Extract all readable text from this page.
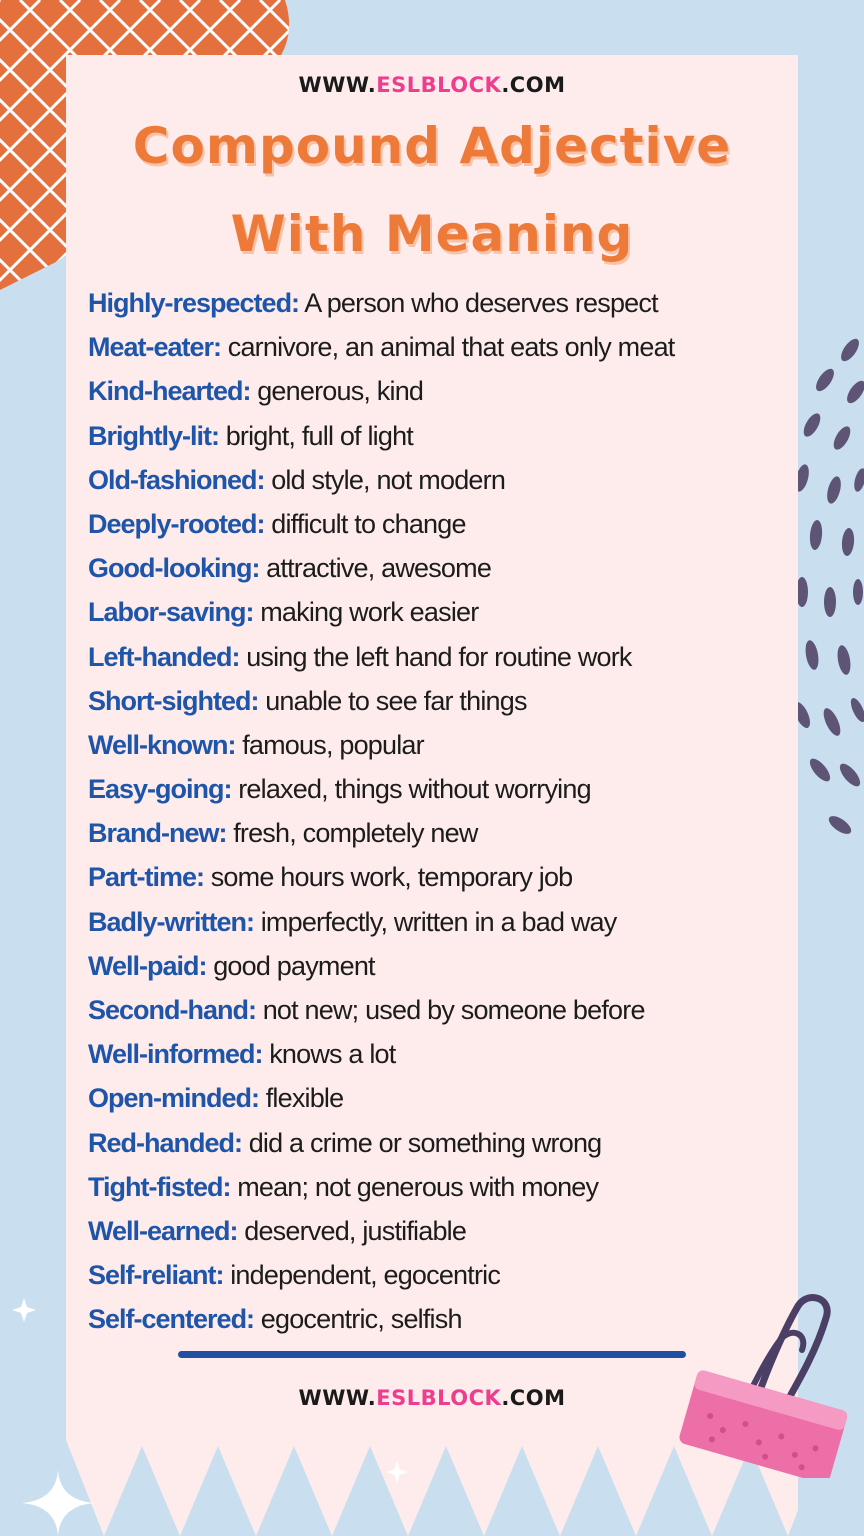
WWW.ESLBLOCK.COM
Compound Adjective
With Meaning
Highly-respected: A person who deserves respect
Meat-eater: carnivore, an animal that eats only meat
Kind-hearted: generous, kind
Brightly-lit: bright, full of light
Old-fashioned: old style, not modern
Deeply-rooted: difficult to change
Good-looking: attractive, awesome
Labor-saving: making work easier
Left-handed: using the left hand for routine work
Short-sighted: unable to see far things
Well-known: famous, popular
Easy-going: relaxed, things without worrying
Brand-new: fresh, completely new
Part-time: some hours work, temporary job
Badly-written: imperfectly, written in a bad way
Well-paid: good payment
Second-hand: not new; used by someone before
Well-informed: knows a lot
Open-minded: flexible
Red-handed: did a crime or something wrong
Tight-fisted: mean; not generous with money
Well-earned: deserved, justifiable
Self-reliant: independent, egocentric
Self-centered: egocentric, selfish
WWW.ESLBLOCK.COM
